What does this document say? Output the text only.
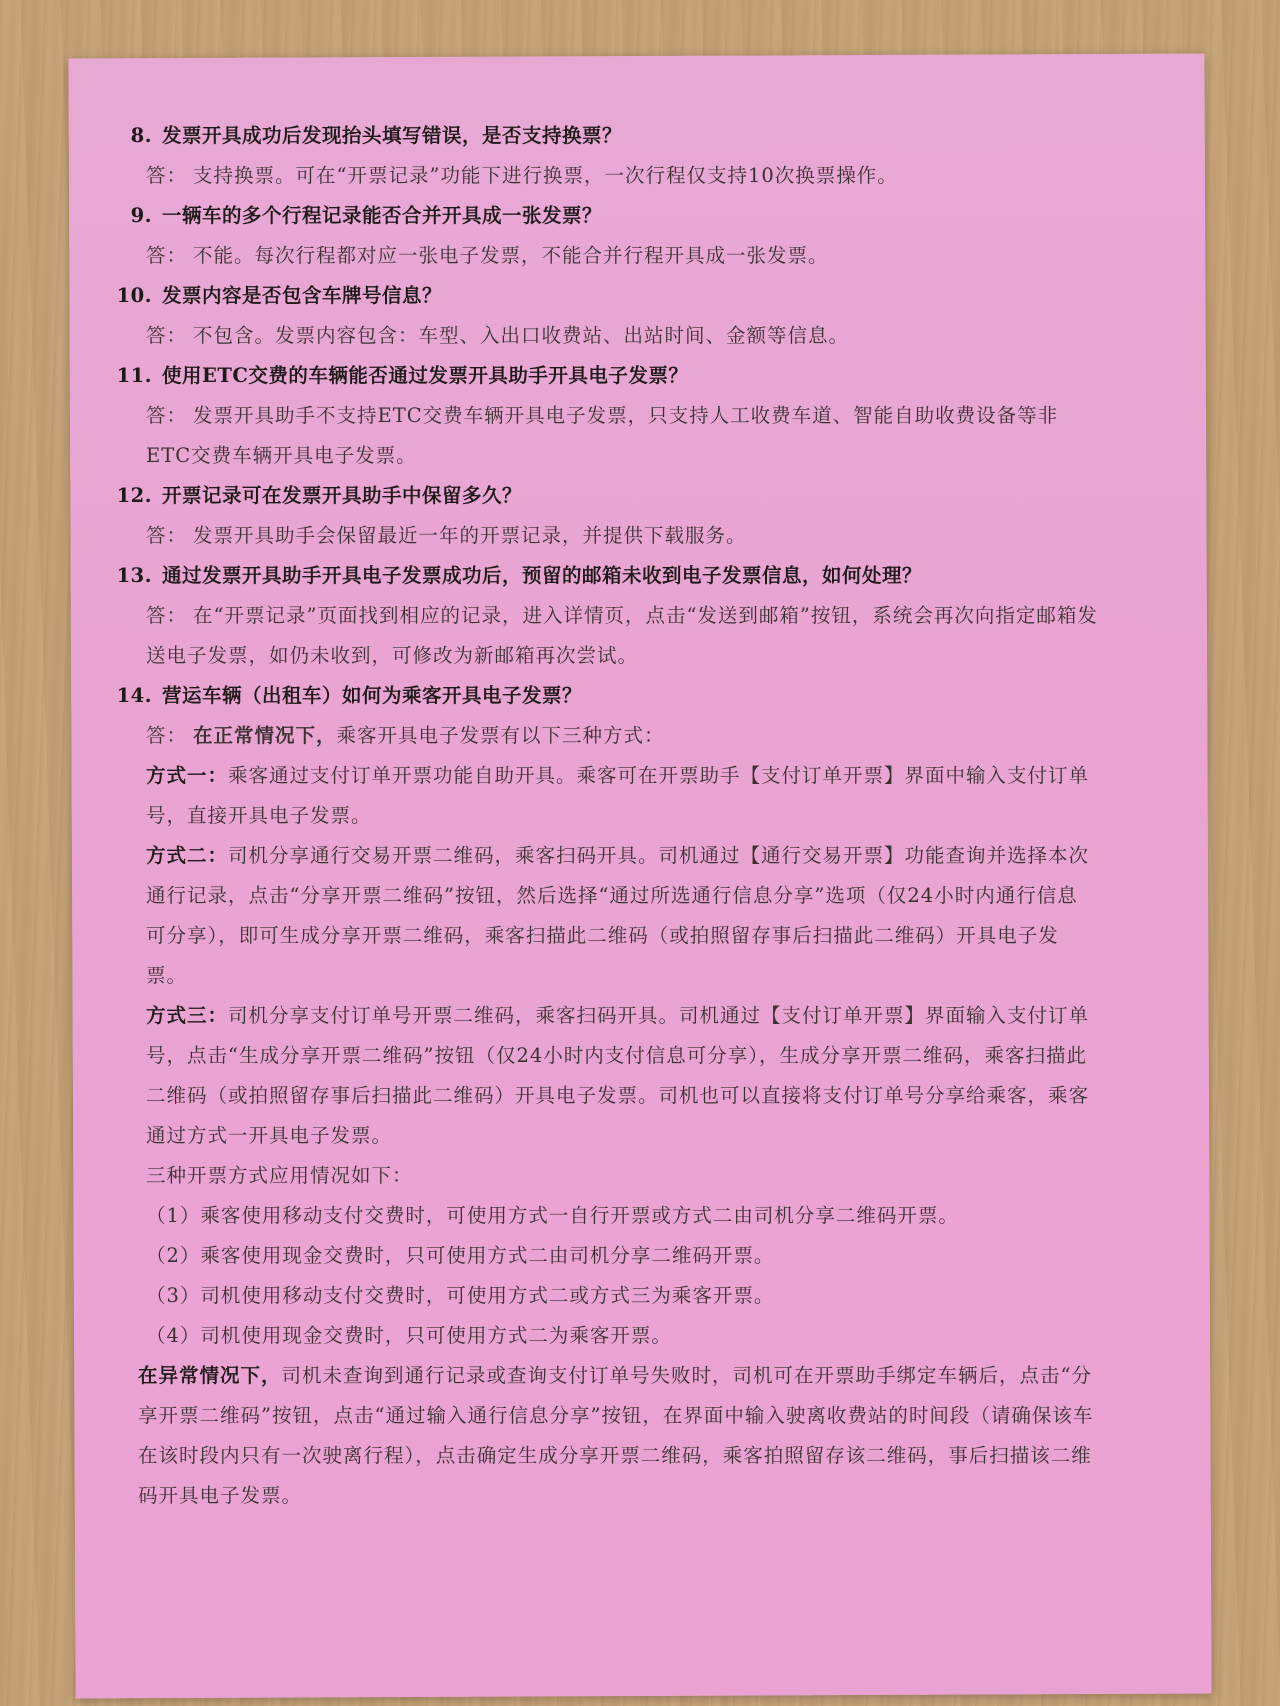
8. 发票开具成功后发现抬头填写错误，是否支持换票？
答： 支持换票。可在“开票记录”功能下进行换票，一次行程仅支持10次换票操作。
9. 一辆车的多个行程记录能否合并开具成一张发票？
答： 不能。每次行程都对应一张电子发票，不能合并行程开具成一张发票。
10. 发票内容是否包含车牌号信息？
答： 不包含。发票内容包含：车型、入出口收费站、出站时间、金额等信息。
11. 使用ETC交费的车辆能否通过发票开具助手开具电子发票？
答： 发票开具助手不支持ETC交费车辆开具电子发票，只支持人工收费车道、智能自助收费设备等非ETC交费车辆开具电子发票。
12. 开票记录可在发票开具助手中保留多久？
答： 发票开具助手会保留最近一年的开票记录，并提供下载服务。
13. 通过发票开具助手开具电子发票成功后，预留的邮箱未收到电子发票信息，如何处理？
答： 在“开票记录”页面找到相应的记录，进入详情页，点击“发送到邮箱”按钮，系统会再次向指定邮箱发送电子发票，如仍未收到，可修改为新邮箱再次尝试。
14. 营运车辆（出租车）如何为乘客开具电子发票？
答： 在正常情况下，乘客开具电子发票有以下三种方式：
方式一：乘客通过支付订单开票功能自助开具。乘客可在开票助手【支付订单开票】界面中输入支付订单号，直接开具电子发票。
方式二：司机分享通行交易开票二维码，乘客扫码开具。司机通过【通行交易开票】功能查询并选择本次通行记录，点击“分享开票二维码”按钮，然后选择“通过所选通行信息分享”选项（仅24小时内通行信息可分享），即可生成分享开票二维码，乘客扫描此二维码（或拍照留存事后扫描此二维码）开具电子发票。
方式三：司机分享支付订单号开票二维码，乘客扫码开具。司机通过【支付订单开票】界面输入支付订单号，点击“生成分享开票二维码”按钮（仅24小时内支付信息可分享），生成分享开票二维码，乘客扫描此二维码（或拍照留存事后扫描此二维码）开具电子发票。司机也可以直接将支付订单号分享给乘客，乘客通过方式一开具电子发票。
三种开票方式应用情况如下：
（1）乘客使用移动支付交费时，可使用方式一自行开票或方式二由司机分享二维码开票。
（2）乘客使用现金交费时，只可使用方式二由司机分享二维码开票。
（3）司机使用移动支付交费时，可使用方式二或方式三为乘客开票。
（4）司机使用现金交费时，只可使用方式二为乘客开票。
在异常情况下，司机未查询到通行记录或查询支付订单号失败时，司机可在开票助手绑定车辆后，点击“分享开票二维码”按钮，点击“通过输入通行信息分享”按钮，在界面中输入驶离收费站的时间段（请确保该车在该时段内只有一次驶离行程），点击确定生成分享开票二维码，乘客拍照留存该二维码，事后扫描该二维码开具电子发票。
